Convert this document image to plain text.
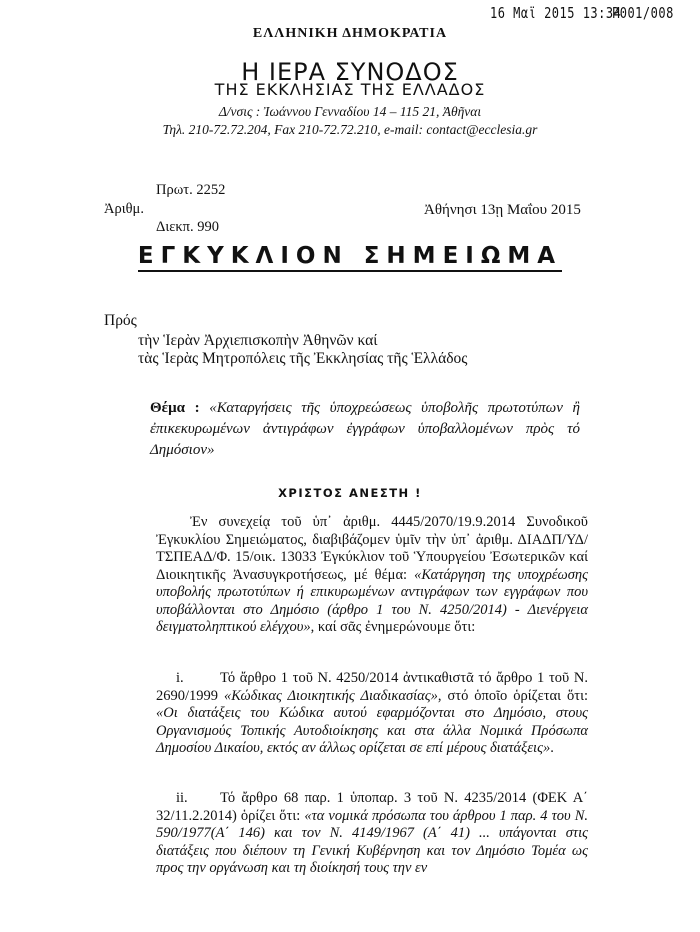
16 Μαϊ 2015 13:34
P001/008
ΕΛΛΗΝΙΚΗ ΔΗΜΟΚΡΑΤΙΑ
Η ΙΕΡΑ ΣΥΝΟΔΟΣ
ΤΗΣ ΕΚΚΛΗΣΙΑΣ ΤΗΣ ΕΛΛΑΔΟΣ
Δ/νσις : Ἰωάννου Γενναδίου 14 – 115 21, Ἀθῆναι
Τηλ. 210-72.72.204, Fax 210-72.72.210, e-mail: contact@ecclesia.gr
Πρωτ. 2252
Ἀριθμ.
Διεκπ. 990
Ἀθήνησι 13ῃ Μαΐου 2015
ΕΓΚΥΚΛΙΟΝ ΣΗΜΕΙΩΜΑ
Πρός
τὴν Ἱερὰν Ἀρχιεπισκοπὴν Ἀθηνῶν καί
τὰς Ἱερὰς Μητροπόλεις τῆς Ἐκκλησίας τῆς Ἑλλάδος
Θέμα : «Καταργήσεις τῆς ὑποχρεώσεως ὑποβολῆς πρωτοτύπων ἢ ἐπικεκυρωμένων ἀντιγράφων ἐγγράφων ὑποβαλλομένων πρὸς τό Δημόσιον»
ΧΡΙΣΤΟΣ ΑΝΕΣΤΗ !
Ἐν συνεχείᾳ τοῦ ὑπ᾽ ἀριθμ. 4445/2070/19.9.2014 Συνοδικοῦ Ἐγκυκλίου Σημειώματος, διαβιβάζομεν ὑμῖν τὴν ὑπ᾽ ἀριθμ. ΔΙΑΔΠ/ΥΔ/ΤΣΠΕΑΔ/Φ. 15/οικ. 13033 Ἐγκύκλιον τοῦ Ὑπουργείου Ἐσωτερικῶν καί Διοικητικῆς Ἀνασυγκροτήσεως, μέ θέμα: «Κατάργηση της υποχρέωσης υποβολής πρωτοτύπων ή επικυρωμένων αντιγράφων των εγγράφων που υποβάλλονται στο Δημόσιο (άρθρο 1 του Ν. 4250/2014) - Διενέργεια δειγματοληπτικού ελέγχου», καί σᾶς ἐνημερώνουμε ὅτι:
i.	Τό ἄρθρο 1 τοῦ Ν. 4250/2014 ἀντικαθιστᾶ τό ἄρθρο 1 τοῦ Ν. 2690/1999 «Κώδικας Διοικητικής Διαδικασίας», στό ὁποῖο ὁρίζεται ὅτι: «Οι διατάξεις του Κώδικα αυτού εφαρμόζονται στο Δημόσιο, στους Οργανισμούς Τοπικής Αυτοδιοίκησης και στα άλλα Νομικά Πρόσωπα Δημοσίου Δικαίου, εκτός αν άλλως ορίζεται σε επί μέρους διατάξεις».
ii.	Τό ἄρθρο 68 παρ. 1 ὑποπαρ. 3 τοῦ Ν. 4235/2014 (ΦΕΚ Α΄ 32/11.2.2014) ὁρίζει ὅτι: «τα νομικά πρόσωπα του άρθρου 1 παρ. 4 του Ν. 590/1977(Α΄ 146) και τον Ν. 4149/1967 (Α΄ 41) ... υπάγονται στις διατάξεις που διέπουν τη Γενική Κυβέρνηση και τον Δημόσιο Τομέα ως προς την οργάνωση και τη διοίκησή τους την εν
